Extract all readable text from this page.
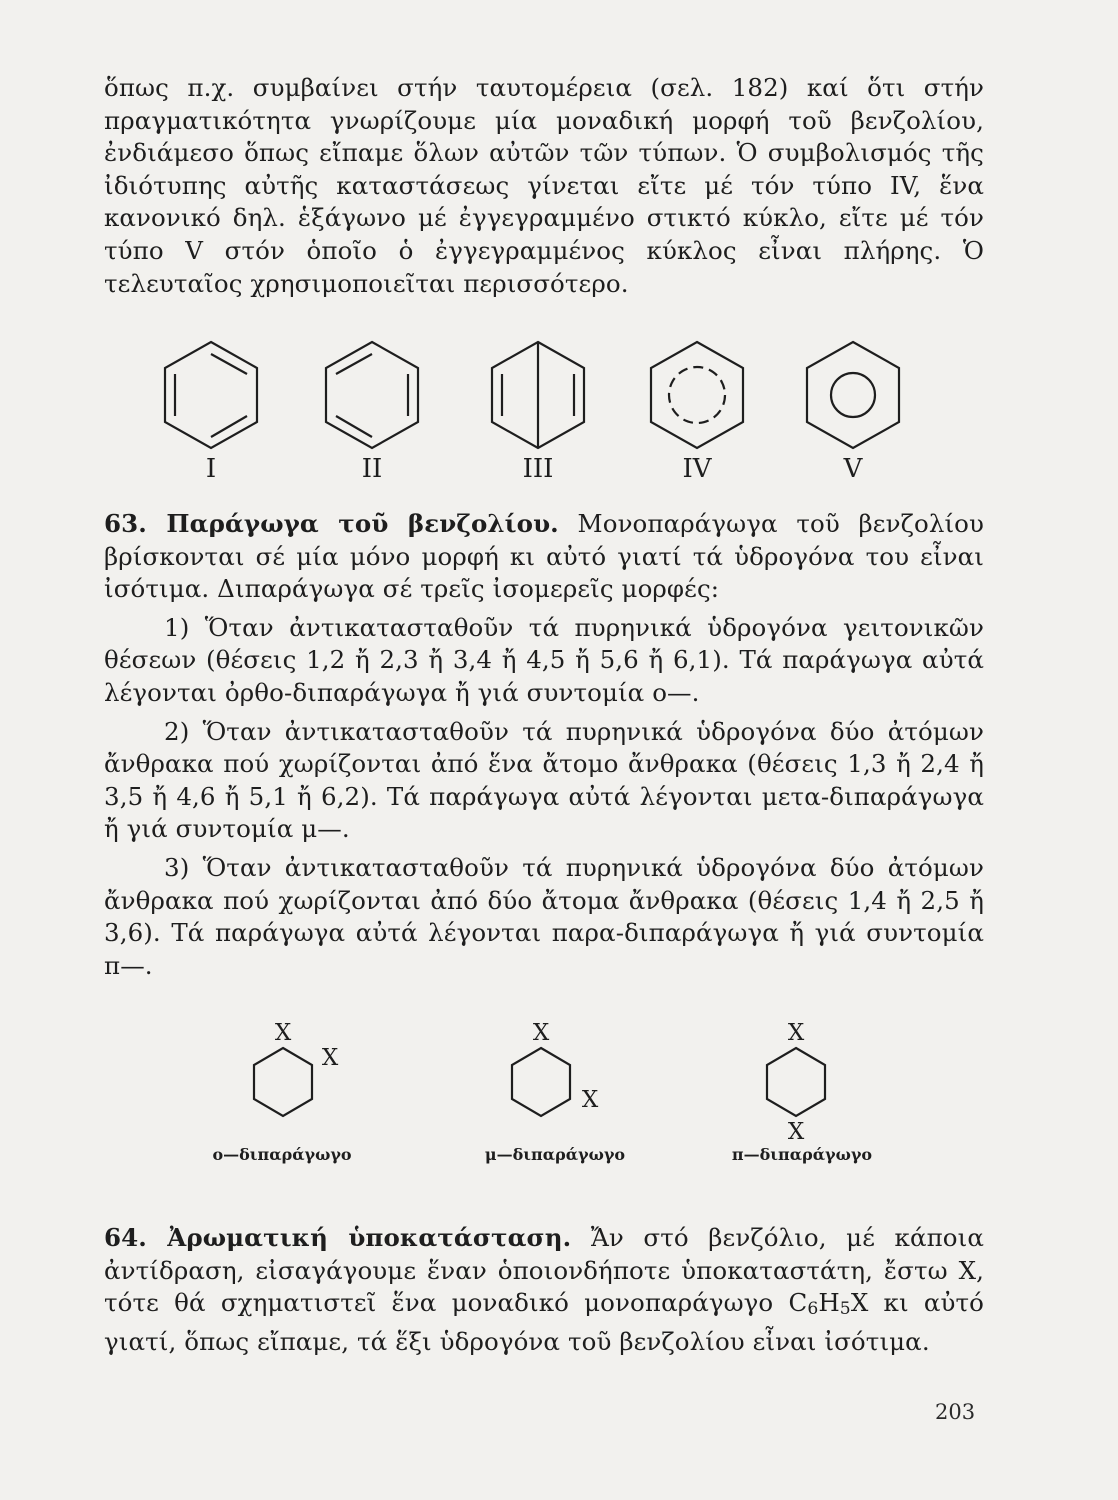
ὅπως π.χ. συμβαίνει στήν ταυτομέρεια (σελ. 182) καί ὅτι στήν πραγματικότητα γνωρίζουμε μία μοναδική μορφή τοῦ βενζολίου, ἐνδιάμεσο ὅπως εἴπαμε ὅλων αὐτῶν τῶν τύπων. Ὁ συμβολισμός τῆς ἰδιότυπης αὐτῆς καταστάσεως γίνεται εἴτε μέ τόν τύπο IV, ἕνα κανονικό δηλ. ἑξάγωνο μέ ἐγγεγραμμένο στικτό κύκλο, εἴτε μέ τόν τύπο V στόν ὁποῖο ὁ ἐγγεγραμμένος κύκλος εἶναι πλήρης. Ὁ τελευταῖος χρησιμοποιεῖται περισσότερο.

I	II	III	IV	V

63. Παράγωγα τοῦ βενζολίου. Μονοπαράγωγα τοῦ βενζολίου βρίσκονται σέ μία μόνο μορφή κι αὐτό γιατί τά ὑδρογόνα του εἶναι ἰσότιμα. Διπαράγωγα σέ τρεῖς ἰσομερεῖς μορφές:

1) Ὅταν ἀντικατασταθοῦν τά πυρηνικά ὑδρογόνα γειτονικῶν θέσεων (θέσεις 1,2 ἤ 2,3 ἤ 3,4 ἤ 4,5 ἤ 5,6 ἤ 6,1). Τά παράγωγα αὐτά λέγονται ὀρθο-διπαράγωγα ἤ γιά συντομία ο—.

2) Ὅταν ἀντικατασταθοῦν τά πυρηνικά ὑδρογόνα δύο ἀτόμων ἄνθρακα πού χωρίζονται ἀπό ἕνα ἄτομο ἄνθρακα (θέσεις 1,3 ἤ 2,4 ἤ 3,5 ἤ 4,6 ἤ 5,1 ἤ 6,2). Τά παράγωγα αὐτά λέγονται μετα-διπαράγωγα ἤ γιά συντομία μ—.

3) Ὅταν ἀντικατασταθοῦν τά πυρηνικά ὑδρογόνα δύο ἀτόμων ἄνθρακα πού χωρίζονται ἀπό δύο ἄτομα ἄνθρακα (θέσεις 1,4 ἤ 2,5 ἤ 3,6). Τά παράγωγα αὐτά λέγονται παρα-διπαράγωγα ἤ γιά συντομία π—.

X
X
X
X
X
X
ο—διπαράγωγο	μ—διπαράγωγο	π—διπαράγωγο

64. Ἀρωματική ὑποκατάσταση. Ἄν στό βενζόλιο, μέ κάποια ἀντίδραση, εἰσαγάγουμε ἕναν ὁποιονδήποτε ὑποκαταστάτη, ἔστω Χ, τότε θά σχηματιστεῖ ἕνα μοναδικό μονοπαράγωγο $C_6H_5X$ κι αὐτό γιατί, ὅπως εἴπαμε, τά ἕξι ὑδρογόνα τοῦ βενζολίου εἶναι ἰσότιμα.

203
